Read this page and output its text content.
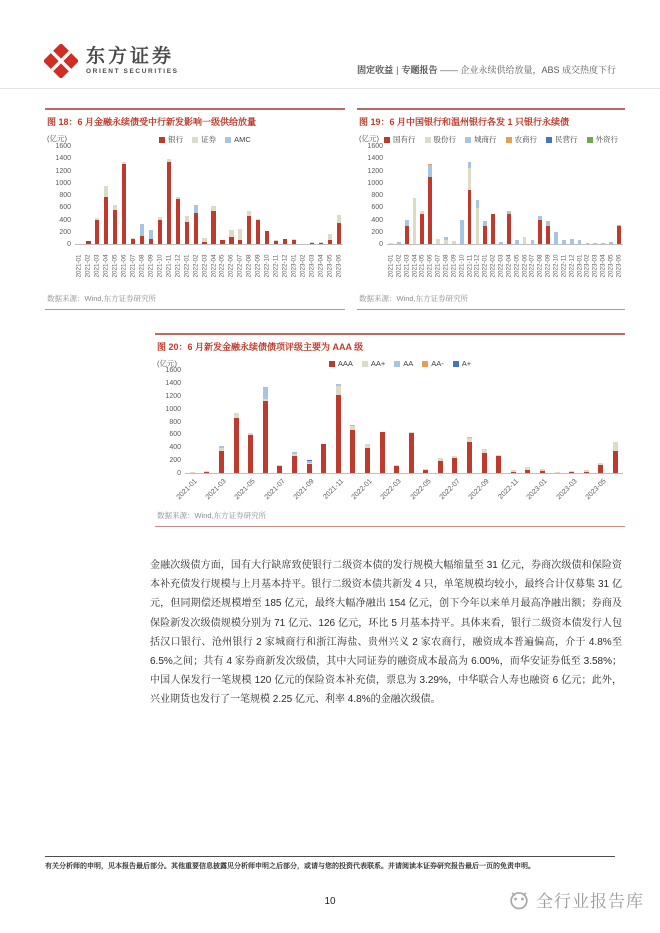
东方证券
ORIENT SECURITIES	固定收益 | 专题报告 —— 企业永续供给放量，ABS 成交热度下行
图 18：6 月金融永续债受中行新发影响一级供给放量
(亿元)	银行	证券	AMC
1600
1400
1200
1000
800
600
400
200
0
2021-01 2021-02 2021-03 2021-04 2021-05 2021-06 2021-07 2021-08 2021-09 2021-10 2021-11 2021-12 2022-01 2022-02 2022-03 2022-04 2022-05 2022-06 2022-07 2022-08 2022-09 2022-10 2022-11 2022-12 2023-01 2023-02 2023-03 2023-04 2023-05 2023-06
数据来源：Wind,东方证券研究所
图 19：6 月中国银行和温州银行各发 1 只银行永续债
(亿元)	国有行	股份行	城商行	农商行	民营行	外资行
1600
1400
1200
1000
800
600
400
200
0
2021-01 2021-02 2021-03 2021-04 2021-05 2021-06 2021-07 2021-08 2021-09 2021-10 2021-11 2021-12 2022-01 2022-02 2022-03 2022-04 2022-05 2022-06 2022-07 2022-08 2022-09 2022-10 2022-11 2022-12 2023-01 2023-02 2023-03 2023-04 2023-05 2023-06
数据来源：Wind,东方证券研究所
图 20：6 月新发金融永续债债项评级主要为 AAA 级
(亿元)	AAA	AA+	AA	AA-	A+
1600
1400
1200
1000
800
600
400
200
0
2021-01 2021-03 2021-05 2021-07 2021-09 2021-11 2022-01 2022-03 2022-05 2022-07 2022-09 2022-11 2023-01 2023-03 2023-05
数据来源：Wind,东方证券研究所
金融次级债方面，国有大行缺席致使银行二级资本债的发行规模大幅缩量至 31 亿元，券商次级债和保险资本补充债发行规模与上月基本持平。银行二级资本债共新发 4 只，单笔规模均较小，最终合计仅募集 31 亿元，但同期偿还规模增至 185 亿元，最终大幅净融出 154 亿元，创下今年以来单月最高净融出额；券商及保险新发次级债规模分别为 71 亿元、126 亿元，环比 5 月基本持平。具体来看，银行二级资本债发行人包括汉口银行、沧州银行 2 家城商行和浙江海盐、贵州兴义 2 家农商行，融资成本普遍偏高，介于 4.8%至 6.5%之间；共有 4 家券商新发次级债，其中大同证券的融资成本最高为 6.00%，而华安证券低至 3.58%；中国人保发行一笔规模 120 亿元的保险资本补充债，票息为 3.29%，中华联合人寿也融资 6 亿元；此外，兴业期货也发行了一笔规模 2.25 亿元、利率 4.8%的金融次级债。
有关分析师的申明，见本报告最后部分。其他重要信息披露见分析师申明之后部分，或请与您的投资代表联系。并请阅读本证券研究报告最后一页的免责申明。
10	全行业报告库
